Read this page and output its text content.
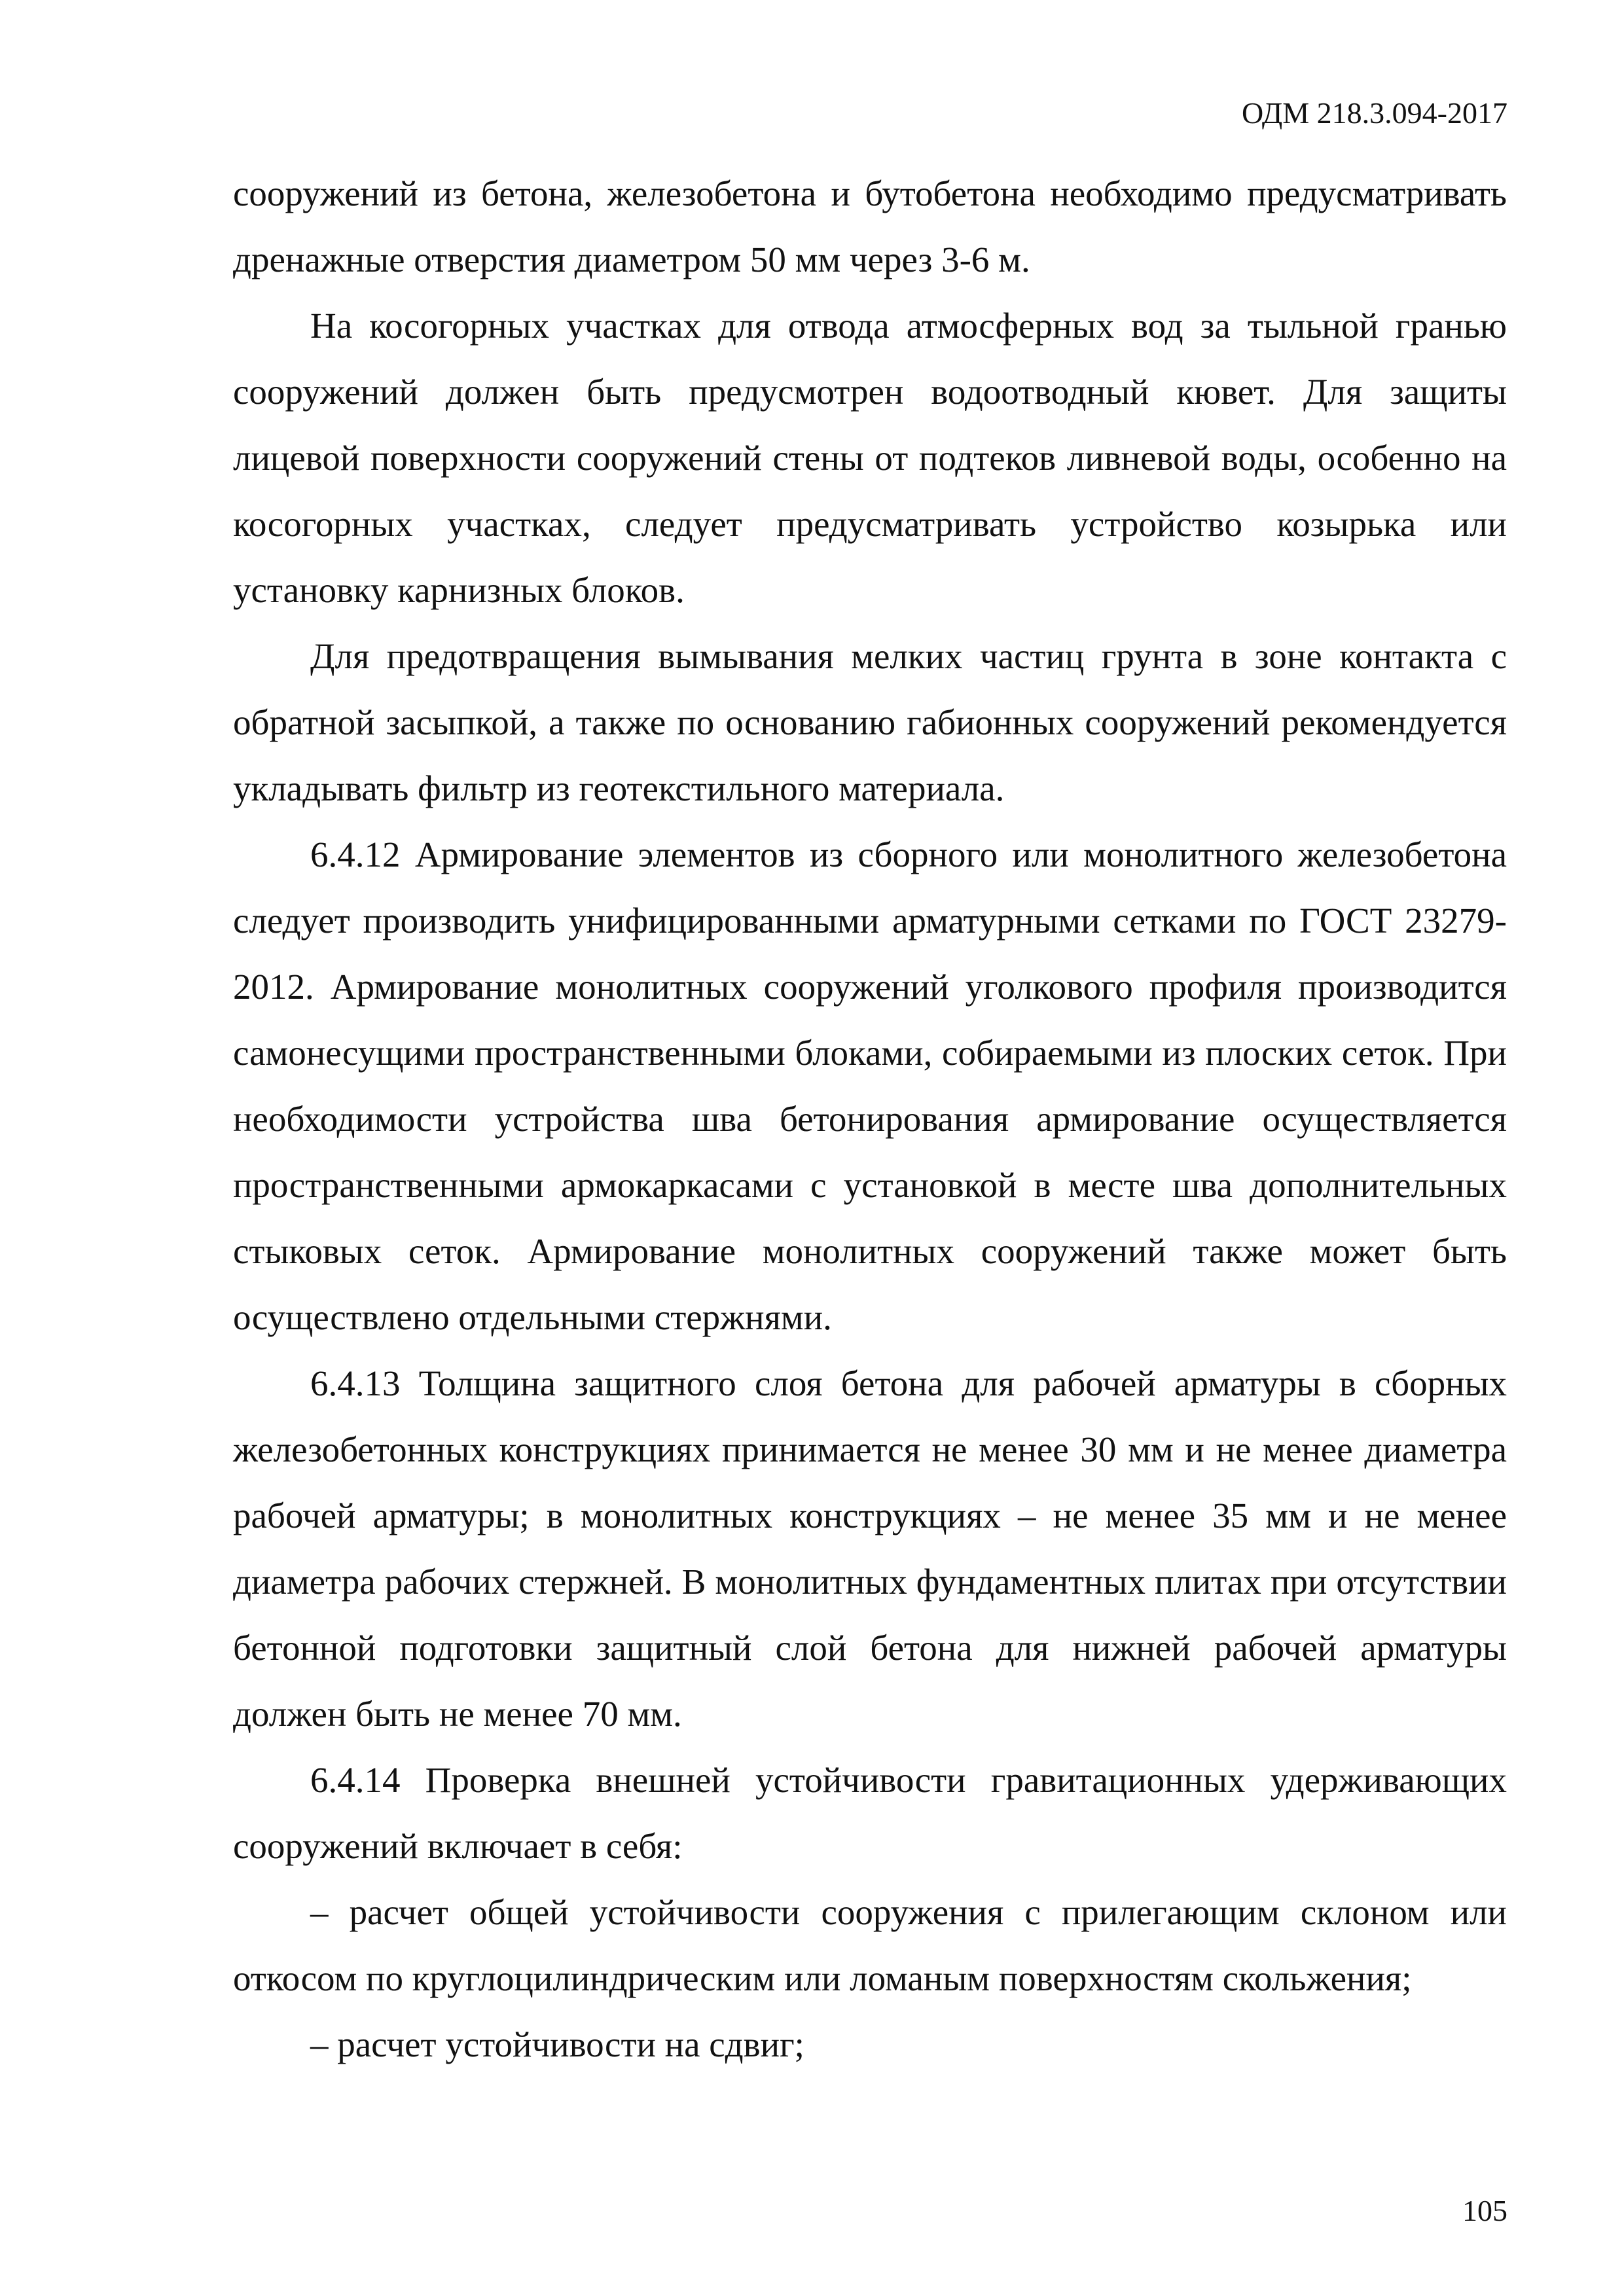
ОДМ 218.3.094-2017

сооружений из бетона, железобетона и бутобетона необходимо предусматривать дренажные отверстия диаметром 50 мм через 3-6 м.

На косогорных участках для отвода атмосферных вод за тыльной гранью сооружений должен быть предусмотрен водоотводный кювет. Для защиты лицевой поверхности сооружений стены от подтеков ливневой воды, особенно на косогорных участках, следует предусматривать устройство козырька или установку карнизных блоков.

Для предотвращения вымывания мелких частиц грунта в зоне контакта с обратной засыпкой, а также по основанию габионных сооружений рекомендуется укладывать фильтр из геотекстильного материала.

6.4.12 Армирование элементов из сборного или монолитного железобетона следует производить унифицированными арматурными сетками по ГОСТ 23279-2012. Армирование монолитных сооружений уголкового профиля производится самонесущими пространственными блоками, собираемыми из плоских сеток. При необходимости устройства шва бетонирования армирование осуществляется пространственными армокаркасами с установкой в месте шва дополнительных стыковых сеток. Армирование монолитных сооружений также может быть осуществлено отдельными стержнями.

6.4.13 Толщина защитного слоя бетона для рабочей арматуры в сборных железобетонных конструкциях принимается не менее 30 мм и не менее диаметра рабочей арматуры; в монолитных конструкциях – не менее 35 мм и не менее диаметра рабочих стержней. В монолитных фундаментных плитах при отсутствии бетонной подготовки защитный слой бетона для нижней рабочей арматуры должен быть не менее 70 мм.

6.4.14 Проверка внешней устойчивости гравитационных удерживающих сооружений включает в себя:

– расчет общей устойчивости сооружения с прилегающим склоном или откосом по круглоцилиндрическим или ломаным поверхностям скольжения;

– расчет устойчивости на сдвиг;

105
